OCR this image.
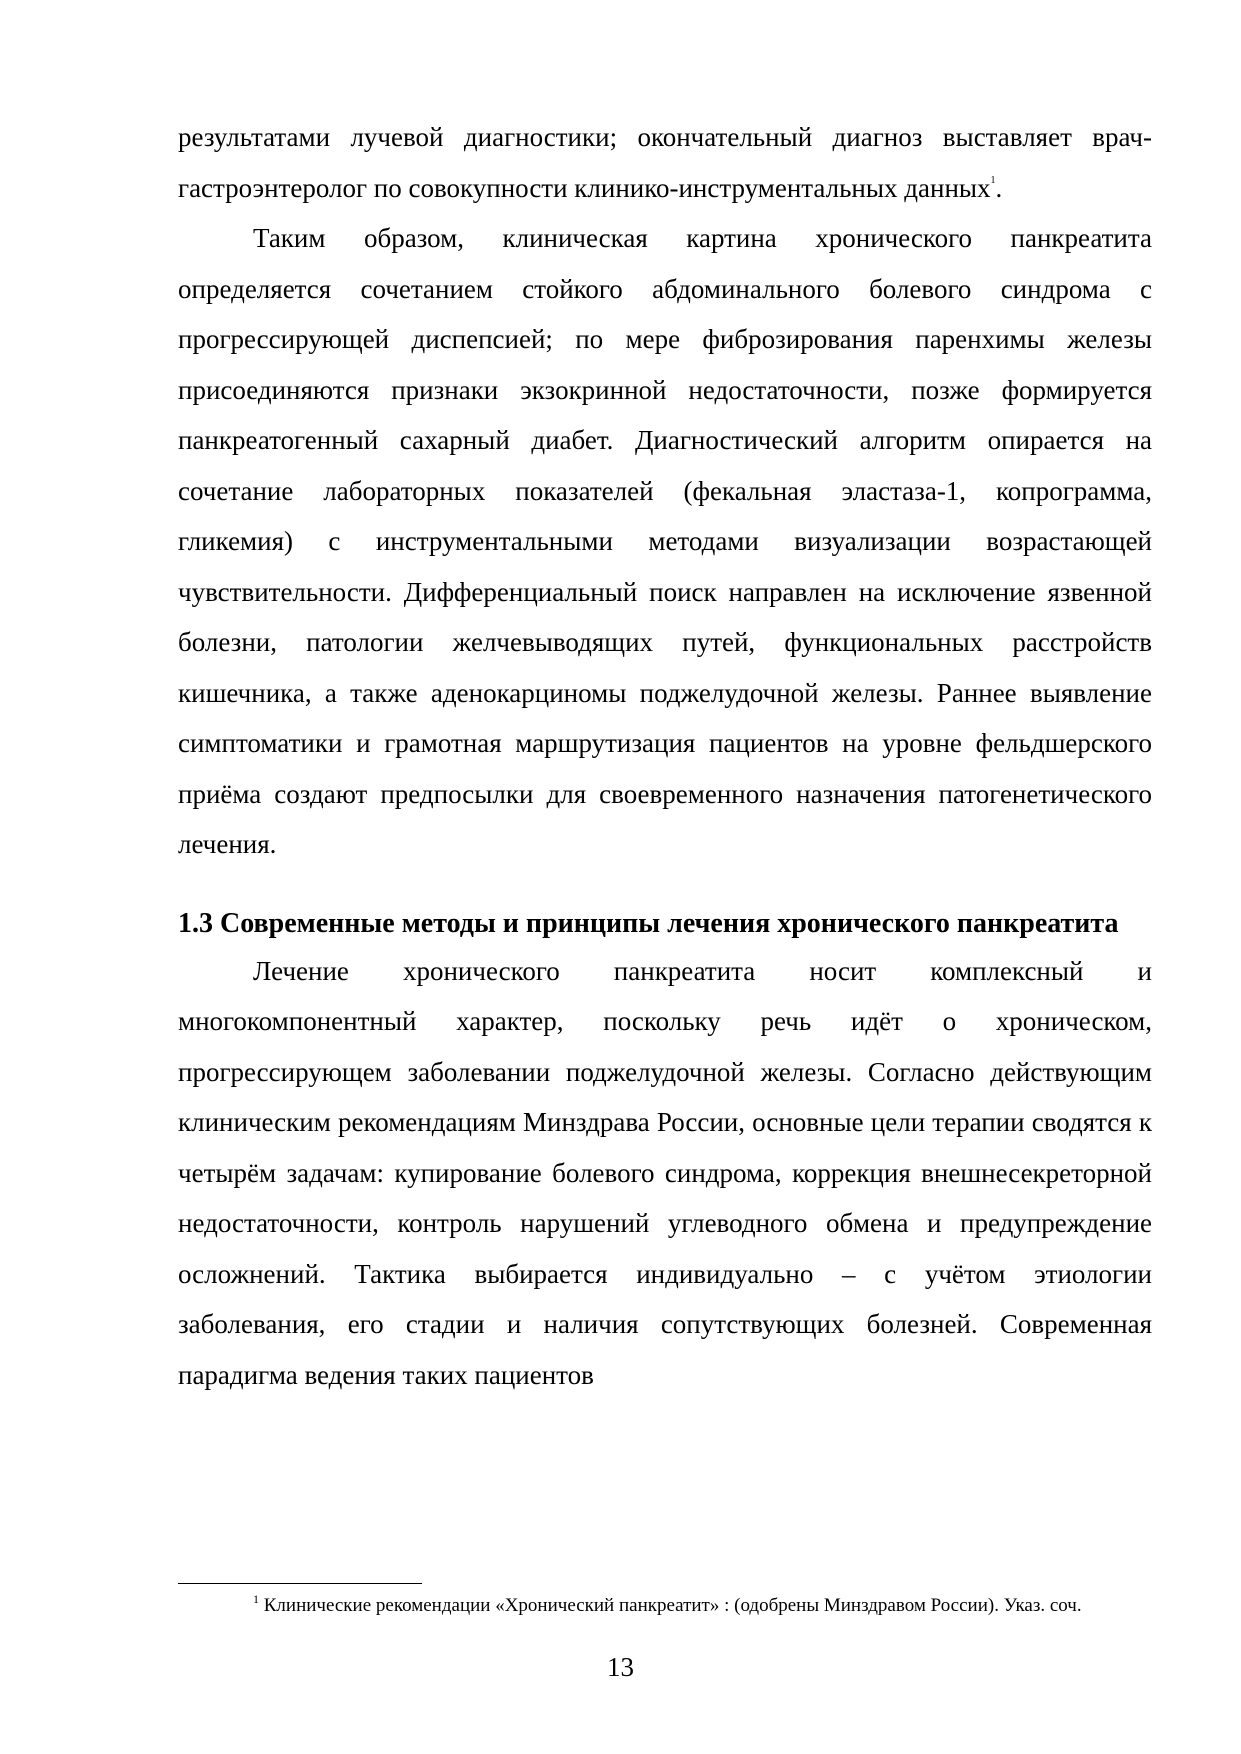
результатами лучевой диагностики; окончательный диагноз выставляет врач-гастроэнтеролог по совокупности клинико-инструментальных данных$^1$.

Таким образом, клиническая картина хронического панкреатита определяется сочетанием стойкого абдоминального болевого синдрома с прогрессирующей диспепсией; по мере фиброзирования паренхимы железы присоединяются признаки экзокринной недостаточности, позже формируется панкреатогенный сахарный диабет. Диагностический алгоритм опирается на сочетание лабораторных показателей (фекальная эластаза-1, копрограмма, гликемия) с инструментальными методами визуализации возрастающей чувствительности. Дифференциальный поиск направлен на исключение язвенной болезни, патологии желчевыводящих путей, функциональных расстройств кишечника, а также аденокарциномы поджелудочной железы. Раннее выявление симптоматики и грамотная маршрутизация пациентов на уровне фельдшерского приёма создают предпосылки для своевременного назначения патогенетического лечения.

1.3 Современные методы и принципы лечения хронического панкреатита

Лечение хронического панкреатита носит комплексный и многокомпонентный характер, поскольку речь идёт о хроническом, прогрессирующем заболевании поджелудочной железы. Согласно действующим клиническим рекомендациям Минздрава России, основные цели терапии сводятся к четырём задачам: купирование болевого синдрома, коррекция внешнесекреторной недостаточности, контроль нарушений углеводного обмена и предупреждение осложнений. Тактика выбирается индивидуально – с учётом этиологии заболевания, его стадии и наличия сопутствующих болезней. Современная парадигма ведения таких пациентов

$^1$ Клинические рекомендации «Хронический панкреатит» : (одобрены Минздравом России). Указ. соч.

13
